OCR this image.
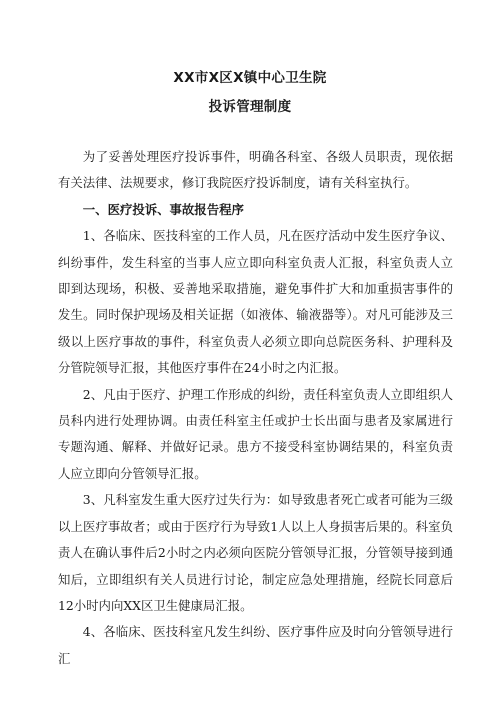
XX市X区X镇中心卫生院
投诉管理制度

为了妥善处理医疗投诉事件，明确各科室、各级人员职责，现依据有关法律、法规要求，修订我院医疗投诉制度，请有关科室执行。

一、医疗投诉、事故报告程序

1、各临床、医技科室的工作人员，凡在医疗活动中发生医疗争议、纠纷事件，发生科室的当事人应立即向科室负责人汇报，科室负责人立即到达现场，积极、妥善地采取措施，避免事件扩大和加重损害事件的发生。同时保护现场及相关证据（如液体、输液器等）。对凡可能涉及三级以上医疗事故的事件，科室负责人必须立即向总院医务科、护理科及分管院领导汇报，其他医疗事件在24小时之内汇报。

2、凡由于医疗、护理工作形成的纠纷，责任科室负责人立即组织人员科内进行处理协调。由责任科室主任或护士长出面与患者及家属进行专题沟通、解释、并做好记录。患方不接受科室协调结果的，科室负责人应立即向分管领导汇报。

3、凡科室发生重大医疗过失行为：如导致患者死亡或者可能为三级以上医疗事故者；或由于医疗行为导致1人以上人身损害后果的。科室负责人在确认事件后2小时之内必须向医院分管领导汇报，分管领导接到通知后，立即组织有关人员进行讨论，制定应急处理措施，经院长同意后12小时内向XX区卫生健康局汇报。

4、各临床、医技科室凡发生纠纷、医疗事件应及时向分管领导进行汇
